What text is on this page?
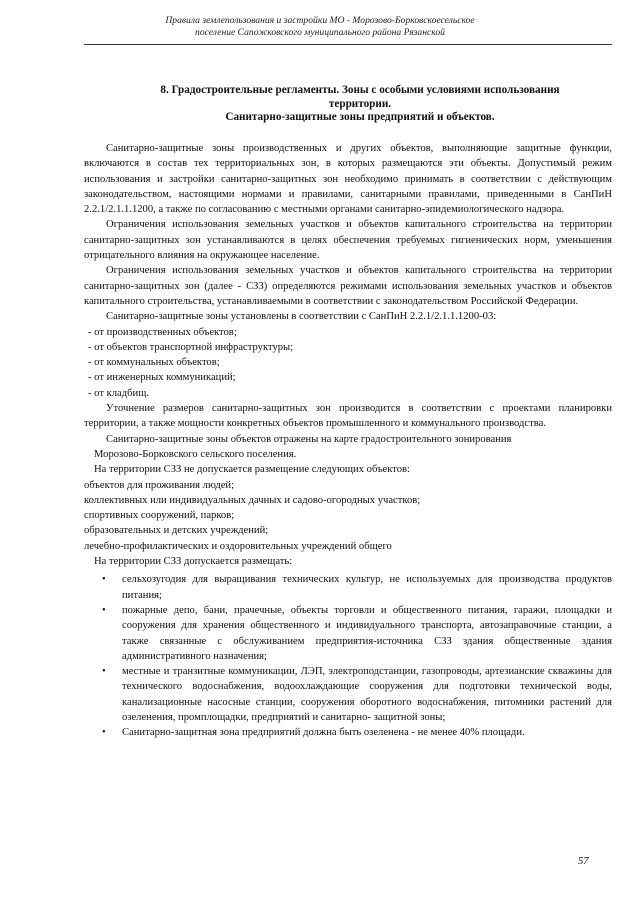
Правила землепользования и застройки МО - Морозово-Борковскоесельское
поселение Сапожковского муниципального района Рязанской
8. Градостроительные регламенты. Зоны с особыми условиями использования
территории.
Санитарно-защитные зоны предприятий и объектов.

Санитарно-защитные зоны производственных и других объектов, выполняющие защитные функции, включаются в состав тех территориальных зон, в которых размещаются эти объекты. Допустимый режим использования и застройки санитарно-защитных зон необходимо принимать в соответствии с действующим законодательством, настоящими нормами и правилами, санитарными правилами, приведенными в СанПиН 2.2.1/2.1.1.1200, а также по согласованию с местными органами санитарно-эпидемиологического надзора.

Ограничения использования земельных участков и объектов капитального строительства на территории санитарно-защитных зон устанавливаются в целях обеспечения требуемых гигиенических норм, уменьшения отрицательного влияния на окружающее население.

Ограничения использования земельных участков и объектов капитального строительства на территории санитарно-защитных зон (далее - СЗЗ) определяются режимами использования земельных участков и объектов капитального строительства, устанавливаемыми в соответствии с законодательством Российской Федерации.

Санитарно-защитные зоны установлены в соответствии с СанПиН 2.2.1/2.1.1.1200-03:

- от производственных объектов;
- от объектов транспортной инфраструктуры;
- от коммунальных объектов;
- от инженерных коммуникаций;
- от кладбищ.

Уточнение размеров санитарно-защитных зон производится в соответствии с проектами планировки территории, а также мощности конкретных объектов промышленного и коммунального производства.

Санитарно-защитные зоны объектов отражены на карте градостроительного зонирования
Морозово-Борковского сельского поселения.
На территории СЗЗ не допускается размещение следующих объектов:
объектов для проживания людей;
коллективных или индивидуальных дачных и садово-огородных участков;
спортивных сооружений, парков;
образовательных и детских учреждений;
лечебно-профилактических и оздоровительных учреждений общего
На территории СЗЗ допускается размещать:
• сельхозугодия для выращивания технических культур, не используемых для производства продуктов питания;
• пожарные депо, бани, прачечные, объекты торговли и общественного питания, гаражи, площадки и сооружения для хранения общественного и индивидуального транспорта, автозаправочные станции, а также связанные с обслуживанием предприятия-источника СЗЗ здания общественные здания административного назначения;
• местные и транзитные коммуникации, ЛЭП, электроподстанции, газопроводы, артезианские скважины для технического водоснабжения, водоохлаждающие сооружения для подготовки технической воды, канализационные насосные станции, сооружения оборотного водоснабжения, питомники растений для озеленения, промплощадки, предприятий и санитарно- защитной зоны;
• Санитарно-защитная зона предприятий должна быть озеленена - не менее 40% площади.
57
